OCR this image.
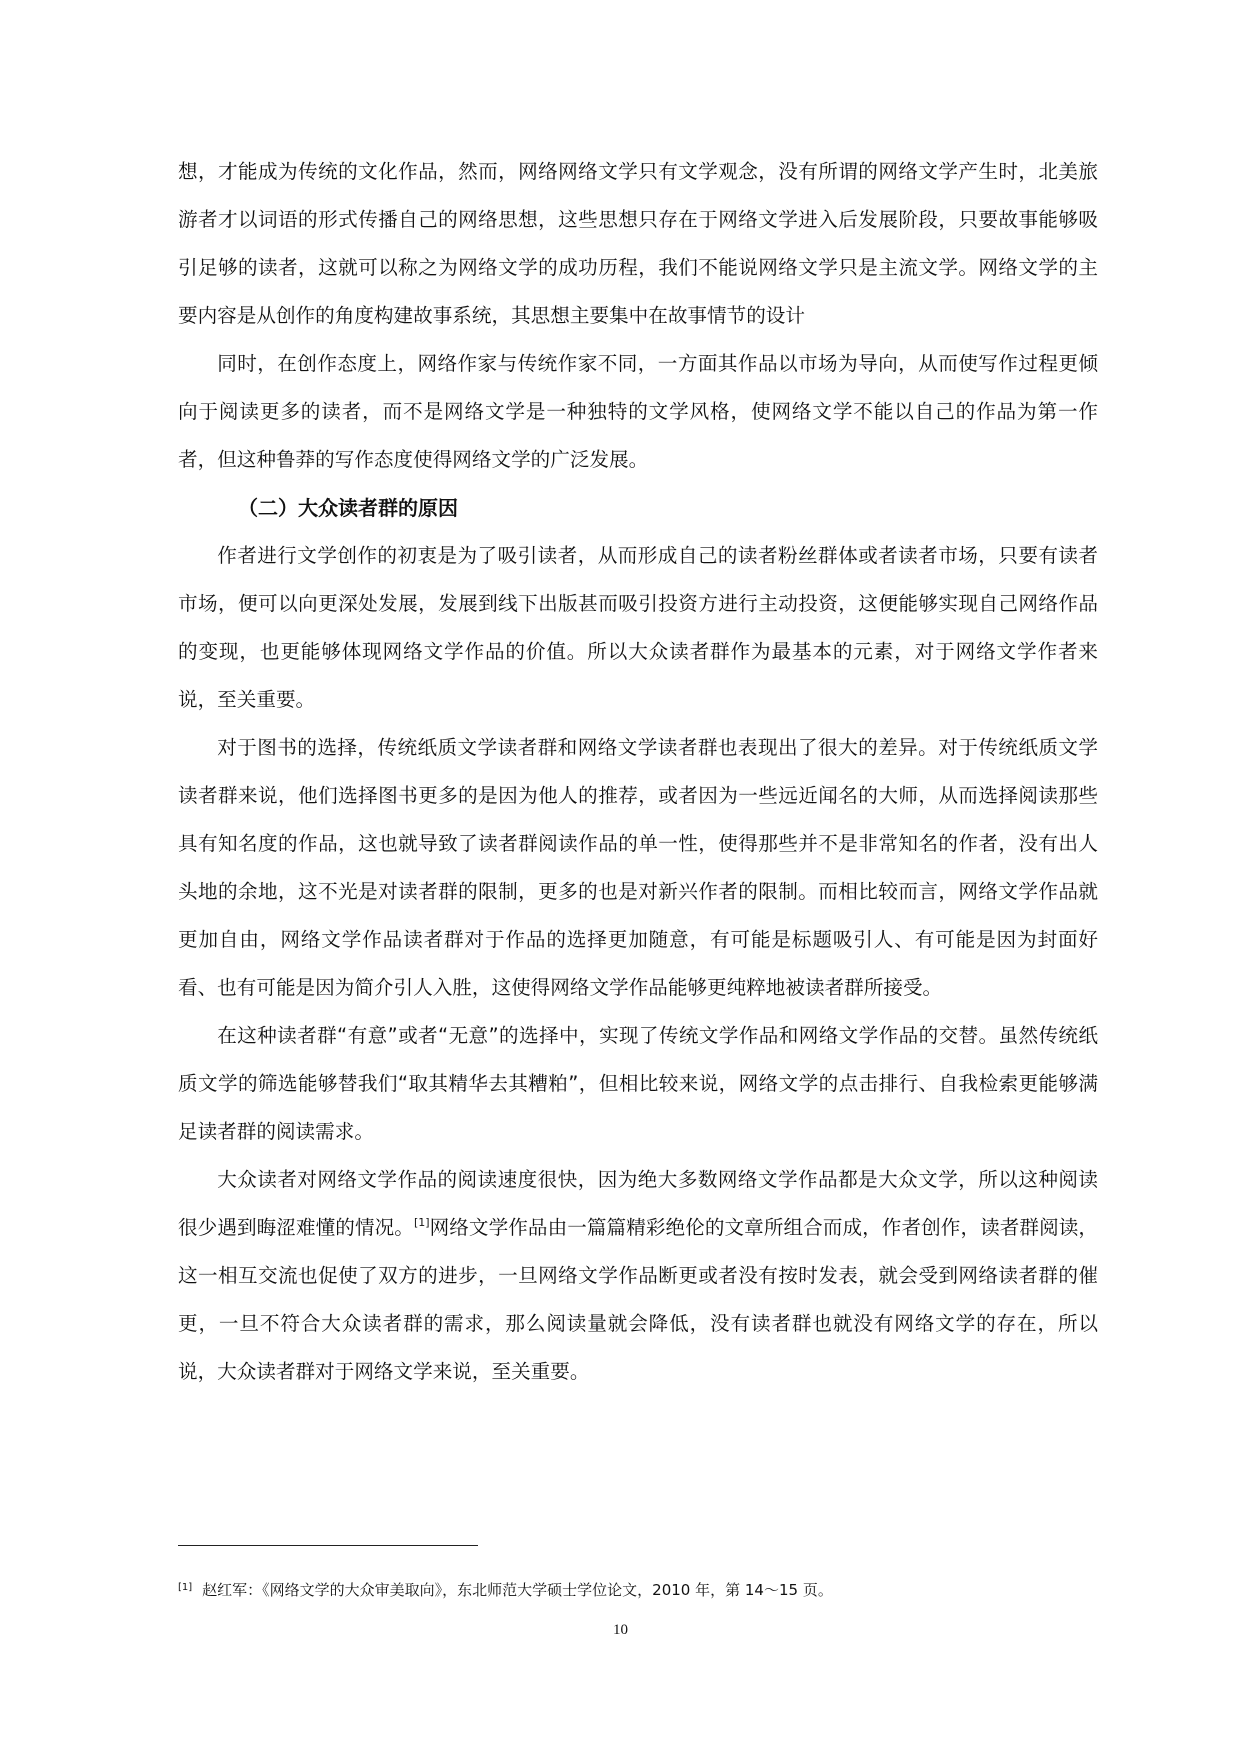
想，才能成为传统的文化作品，然而，网络网络文学只有文学观念，没有所谓的网络文学产生时，北美旅游者才以词语的形式传播自己的网络思想，这些思想只存在于网络文学进入后发展阶段，只要故事能够吸引足够的读者，这就可以称之为网络文学的成功历程，我们不能说网络文学只是主流文学。网络文学的主要内容是从创作的角度构建故事系统，其思想主要集中在故事情节的设计

同时，在创作态度上，网络作家与传统作家不同，一方面其作品以市场为导向，从而使写作过程更倾向于阅读更多的读者，而不是网络文学是一种独特的文学风格，使网络文学不能以自己的作品为第一作者，但这种鲁莽的写作态度使得网络文学的广泛发展。

（二）大众读者群的原因

作者进行文学创作的初衷是为了吸引读者，从而形成自己的读者粉丝群体或者读者市场，只要有读者市场，便可以向更深处发展，发展到线下出版甚而吸引投资方进行主动投资，这便能够实现自己网络作品的变现，也更能够体现网络文学作品的价值。所以大众读者群作为最基本的元素，对于网络文学作者来说，至关重要。

对于图书的选择，传统纸质文学读者群和网络文学读者群也表现出了很大的差异。对于传统纸质文学读者群来说，他们选择图书更多的是因为他人的推荐，或者因为一些远近闻名的大师，从而选择阅读那些具有知名度的作品，这也就导致了读者群阅读作品的单一性，使得那些并不是非常知名的作者，没有出人头地的余地，这不光是对读者群的限制，更多的也是对新兴作者的限制。而相比较而言，网络文学作品就更加自由，网络文学作品读者群对于作品的选择更加随意，有可能是标题吸引人、有可能是因为封面好看、也有可能是因为简介引人入胜，这使得网络文学作品能够更纯粹地被读者群所接受。

在这种读者群“有意”或者“无意”的选择中，实现了传统文学作品和网络文学作品的交替。虽然传统纸质文学的筛选能够替我们“取其精华去其糟粕”，但相比较来说，网络文学的点击排行、自我检索更能够满足读者群的阅读需求。

大众读者对网络文学作品的阅读速度很快，因为绝大多数网络文学作品都是大众文学，所以这种阅读很少遇到晦涩难懂的情况。[1]网络文学作品由一篇篇精彩绝伦的文章所组合而成，作者创作，读者群阅读，这一相互交流也促使了双方的进步，一旦网络文学作品断更或者没有按时发表，就会受到网络读者群的催更，一旦不符合大众读者群的需求，那么阅读量就会降低，没有读者群也就没有网络文学的存在，所以说，大众读者群对于网络文学来说，至关重要。

[1] 赵红军：《网络文学的大众审美取向》，东北师范大学硕士学位论文，2010 年，第 14～15 页。
10
